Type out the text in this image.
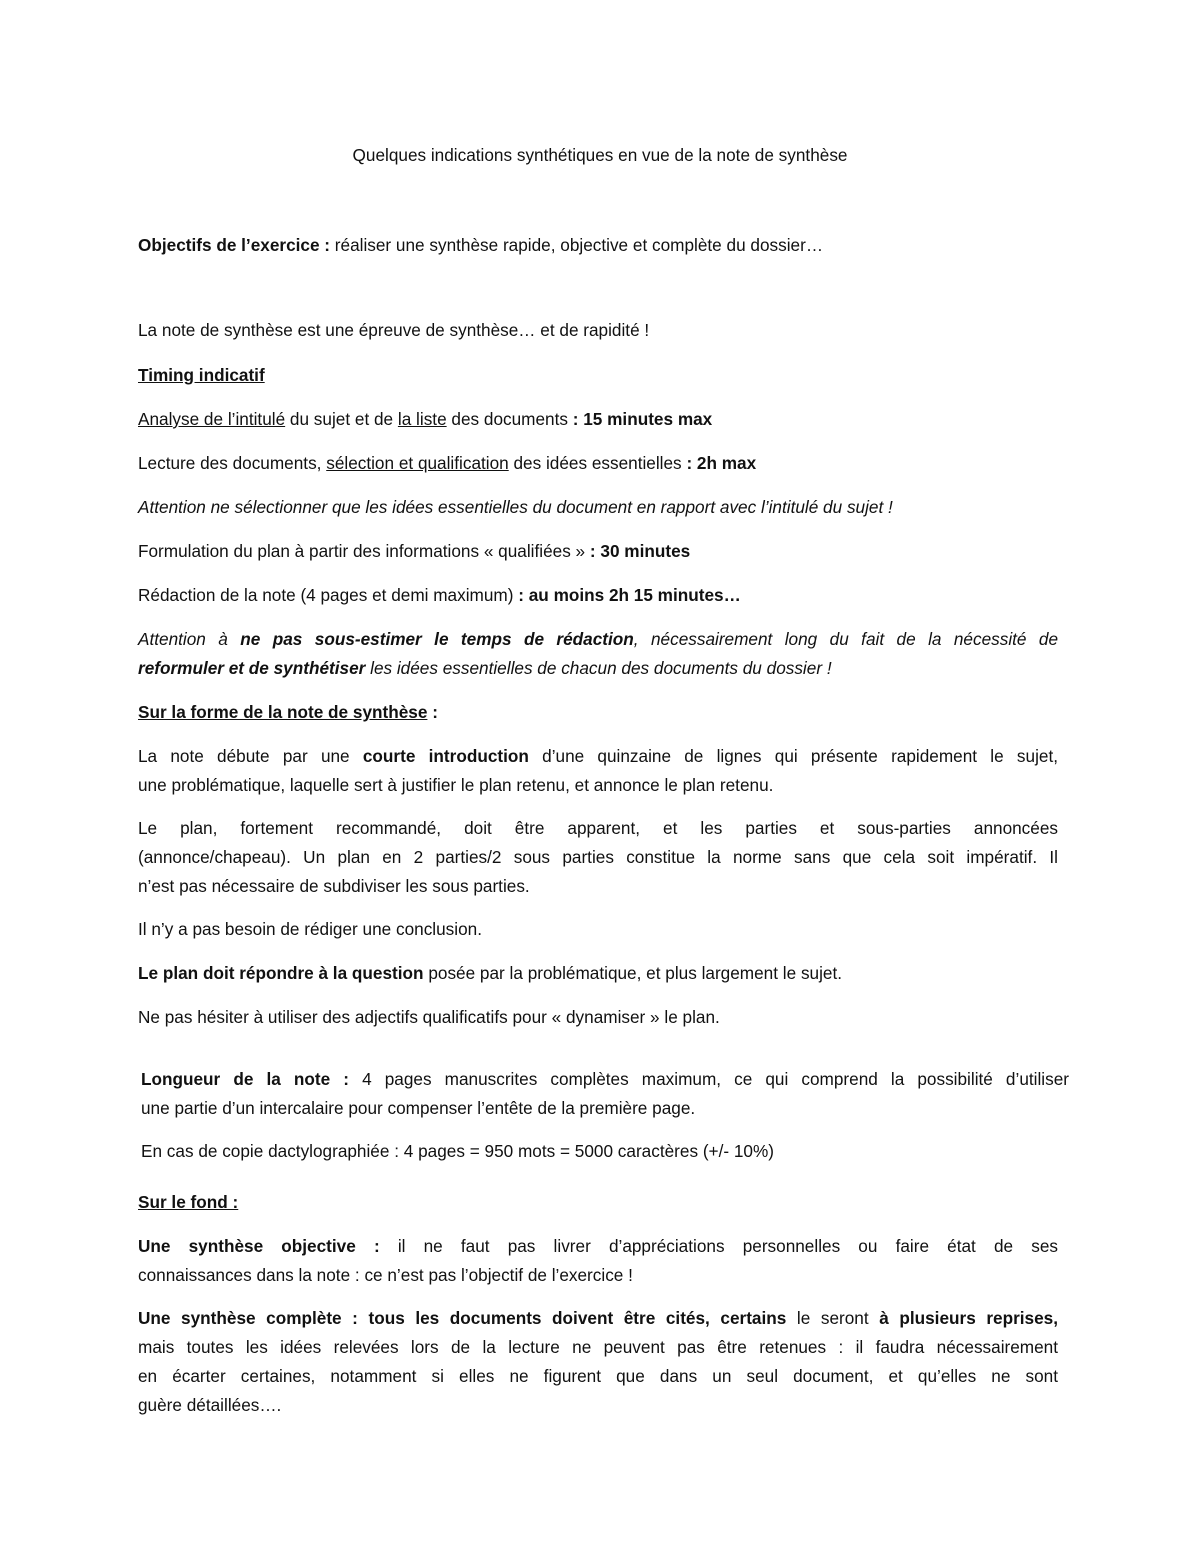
Quelques indications synthétiques en vue de la note de synthèse
Objectifs de l’exercice : réaliser une synthèse rapide, objective et complète du dossier…
La note de synthèse est une épreuve de synthèse… et de rapidité !
Timing indicatif
Analyse de l’intitulé du sujet et de la liste des documents : 15 minutes max
Lecture des documents, sélection et qualification des idées essentielles : 2h max
Attention ne sélectionner que les idées essentielles du document en rapport avec l’intitulé du sujet !
Formulation du plan à partir des informations « qualifiées » : 30 minutes
Rédaction de la note (4 pages et demi maximum) : au moins 2h 15 minutes…
Attention à ne pas sous-estimer le temps de rédaction, nécessairement long du fait de la nécessité de
reformuler et de synthétiser les idées essentielles de chacun des documents du dossier !
Sur la forme de la note de synthèse :
La note débute par une courte introduction d’une quinzaine de lignes qui présente rapidement le sujet,
une problématique, laquelle sert à justifier le plan retenu, et annonce le plan retenu.
Le plan, fortement recommandé, doit être apparent, et les parties et sous-parties annoncées
(annonce/chapeau). Un plan en 2 parties/2 sous parties constitue la norme sans que cela soit impératif. Il
n’est pas nécessaire de subdiviser les sous parties.
Il n’y a pas besoin de rédiger une conclusion.
Le plan doit répondre à la question posée par la problématique, et plus largement le sujet.
Ne pas hésiter à utiliser des adjectifs qualificatifs pour « dynamiser » le plan.
Longueur de la note : 4 pages manuscrites complètes maximum, ce qui comprend la possibilité d’utiliser
une partie d’un intercalaire pour compenser l’entête de la première page.
En cas de copie dactylographiée : 4 pages = 950 mots = 5000 caractères (+/- 10%)
Sur le fond :
Une synthèse objective : il ne faut pas livrer d’appréciations personnelles ou faire état de ses
connaissances dans la note : ce n’est pas l’objectif de l’exercice !
Une synthèse complète : tous les documents doivent être cités, certains le seront à plusieurs reprises,
mais toutes les idées relevées lors de la lecture ne peuvent pas être retenues : il faudra nécessairement
en écarter certaines, notamment si elles ne figurent que dans un seul document, et qu’elles ne sont
guère détaillées….
